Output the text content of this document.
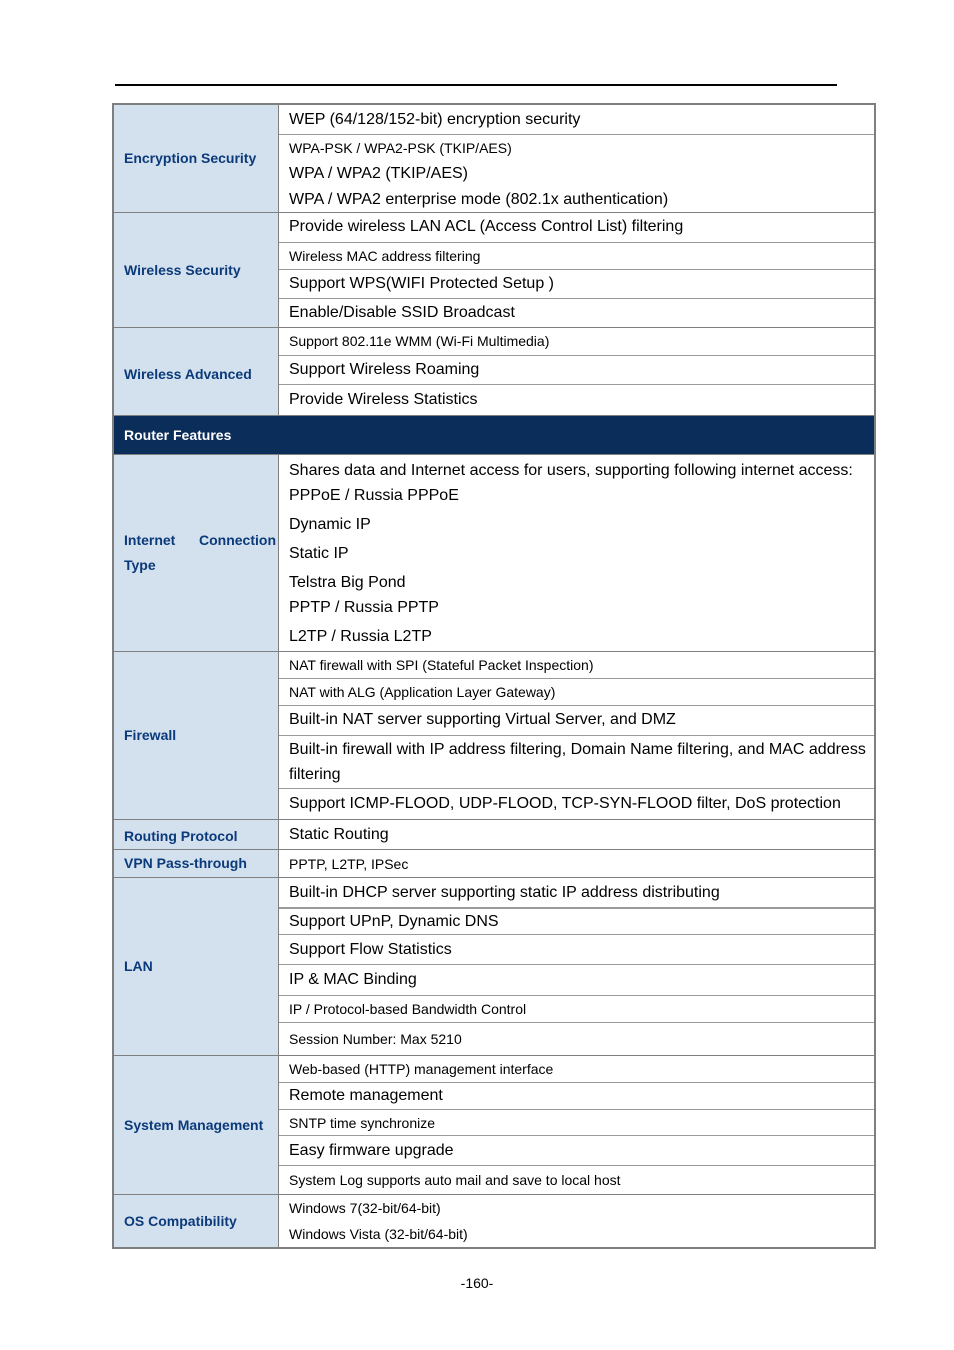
Encryption Security
WEP (64/128/152-bit) encryption security
WPA-PSK / WPA2-PSK (TKIP/AES)
WPA / WPA2 (TKIP/AES)
WPA / WPA2 enterprise mode (802.1x authentication)
Wireless Security
Provide wireless LAN ACL (Access Control List) filtering
Wireless MAC address filtering
Support WPS(WIFI Protected Setup )
Enable/Disable SSID Broadcast
Wireless Advanced
Support 802.11e WMM (Wi-Fi Multimedia)
Support Wireless Roaming
Provide Wireless Statistics
Router Features
Internet Connection
Type
Shares data and Internet access for users, supporting following internet access:
PPPoE / Russia PPPoE
Dynamic IP
Static IP
Telstra Big Pond
PPTP / Russia PPTP
L2TP / Russia L2TP
Firewall
NAT firewall with SPI (Stateful Packet Inspection)
NAT with ALG (Application Layer Gateway)
Built-in NAT server supporting Virtual Server, and DMZ
Built-in firewall with IP address filtering, Domain Name filtering, and MAC address
filtering
Support ICMP-FLOOD, UDP-FLOOD, TCP-SYN-FLOOD filter, DoS protection
Routing Protocol	Static Routing
VPN Pass-through	PPTP, L2TP, IPSec
LAN
Built-in DHCP server supporting static IP address distributing
Support UPnP, Dynamic DNS
Support Flow Statistics
IP & MAC Binding
IP / Protocol-based Bandwidth Control
Session Number: Max 5210
System Management
Web-based (HTTP) management interface
Remote management
SNTP time synchronize
Easy firmware upgrade
System Log supports auto mail and save to local host
OS Compatibility
Windows 7(32-bit/64-bit)
Windows Vista (32-bit/64-bit)
-160-
